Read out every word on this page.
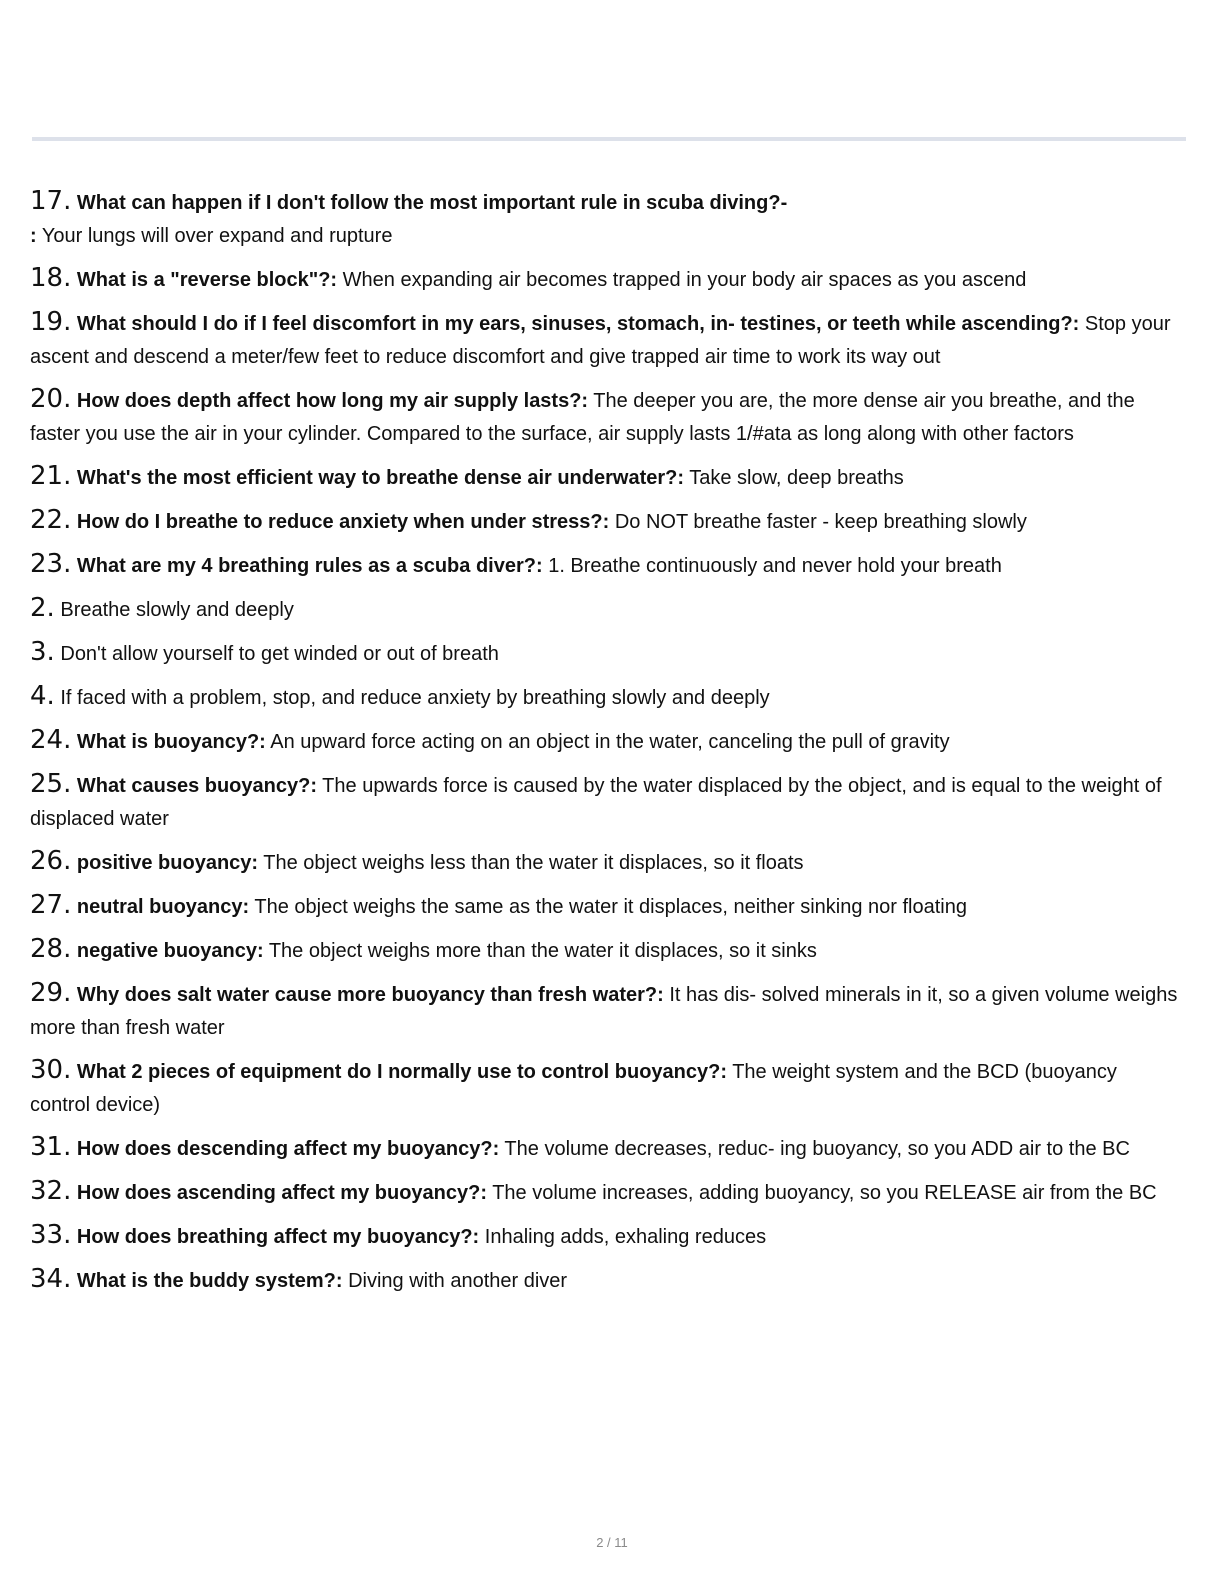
17. What can happen if I don't follow the most important rule in scuba diving?-
: Your lungs will over expand and rupture
18. What is a "reverse block"?: When expanding air becomes trapped in your body air spaces as you ascend
19. What should I do if I feel discomfort in my ears, sinuses, stomach, in- testines, or teeth while ascending?: Stop your ascent and descend a meter/few feet to reduce discomfort and give trapped air time to work its way out
20. How does depth affect how long my air supply lasts?: The deeper you are, the more dense air you breathe, and the faster you use the air in your cylinder. Compared to the surface, air supply lasts 1/#ata as long along with other factors
21. What's the most efficient way to breathe dense air underwater?: Take slow, deep breaths
22. How do I breathe to reduce anxiety when under stress?: Do NOT breathe faster - keep breathing slowly
23. What are my 4 breathing rules as a scuba diver?: 1. Breathe continuously and never hold your breath
2. Breathe slowly and deeply
3. Don't allow yourself to get winded or out of breath
4. If faced with a problem, stop, and reduce anxiety by breathing slowly and deeply
24. What is buoyancy?: An upward force acting on an object in the water, canceling the pull of gravity
25. What causes buoyancy?: The upwards force is caused by the water displaced by the object, and is equal to the weight of displaced water
26. positive buoyancy: The object weighs less than the water it displaces, so it floats
27. neutral buoyancy: The object weighs the same as the water it displaces, neither sinking nor floating
28. negative buoyancy: The object weighs more than the water it displaces, so it sinks
29. Why does salt water cause more buoyancy than fresh water?: It has dis- solved minerals in it, so a given volume weighs more than fresh water
30. What 2 pieces of equipment do I normally use to control buoyancy?: The weight system and the BCD (buoyancy control device)
31. How does descending affect my buoyancy?: The volume decreases, reduc- ing buoyancy, so you ADD air to the BC
32. How does ascending affect my buoyancy?: The volume increases, adding buoyancy, so you RELEASE air from the BC
33. How does breathing affect my buoyancy?: Inhaling adds, exhaling reduces
34. What is the buddy system?: Diving with another diver
2 / 11
